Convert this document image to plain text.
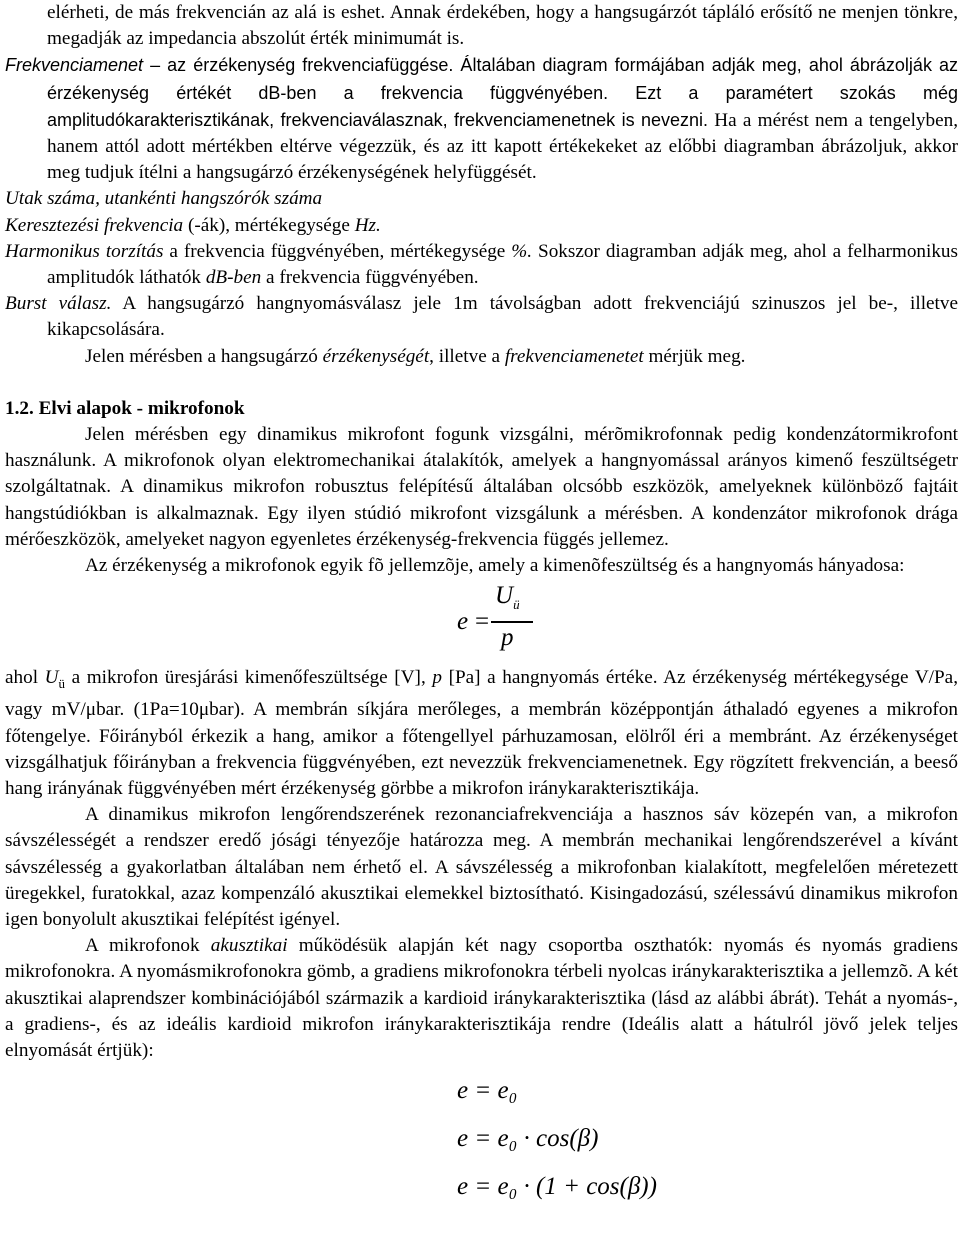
elérheti, de más frekvencián az alá is eshet. Annak érdekében, hogy a hangsugárzót tápláló erősítő ne menjen tönkre, megadják az impedancia abszolút érték minimumát is.

Frekvenciamenet – az érzékenység frekvenciafüggése. Általában diagram formájában adják meg, ahol ábrázolják az érzékenység értékét dB-ben a frekvencia függvényében. Ezt a paramétert szokás még amplitudókarakterisztikának, frekvenciaválasznak, frekvenciamenetnek is nevezni. Ha a mérést nem a tengelyben, hanem attól adott mértékben eltérve végezzük, és az itt kapott értékekeket az előbbi diagramban ábrázoljuk, akkor meg tudjuk ítélni a hangsugárzó érzékenységének helyfüggését.

Utak száma, utankénti hangszórók száma

Keresztezési frekvencia (-ák), mértékegysége Hz.

Harmonikus torzítás a frekvencia függvényében, mértékegysége %. Sokszor diagramban adják meg, ahol a felharmonikus amplitudók láthatók dB-ben a frekvencia függvényében.

Burst válasz. A hangsugárzó hangnyomásválasz jele 1m távolságban adott frekvenciájú szinuszos jel be-, illetve kikapcsolására.

Jelen mérésben a hangsugárzó érzékenységét, illetve a frekvenciamenetet mérjük meg.

1.2. Elvi alapok - mikrofonok

Jelen mérésben egy dinamikus mikrofont fogunk vizsgálni, mérõmikrofonnak pedig kondenzátormikrofont használunk. A mikrofonok olyan elektromechanikai átalakítók, amelyek a hangnyomással arányos kimenő feszültségetr szolgáltatnak. A dinamikus mikrofon robusztus felépítésű általában olcsóbb eszközök, amelyeknek különböző fajtáit hangstúdiókban is alkalmaznak. Egy ilyen stúdió mikrofont vizsgálunk a mérésben. A kondenzátor mikrofonok drága mérőeszközök, amelyeket nagyon egyenletes érzékenység-frekvencia függés jellemez.

Az érzékenység a mikrofonok egyik fõ jellemzõje, amely a kimenõfeszültség és a hangnyomás hányadosa:

e =
$U_ü$
p

ahol $U_ü$ a mikrofon üresjárási kimenőfeszültsége [V], p [Pa] a hangnyomás értéke. Az érzékenység mértékegysége V/Pa, vagy mV/μbar. (1Pa=10μbar). A membrán síkjára merőleges, a membrán középpontján áthaladó egyenes a mikrofon főtengelye. Főirányból érkezik a hang, amikor a főtengellyel párhuzamosan, elölről éri a membránt. Az érzékenységet vizsgálhatjuk főirányban a frekvencia függvényében, ezt nevezzük frekvenciamenetnek. Egy rögzített frekvencián, a beeső hang irányának függvényében mért érzékenység görbbe a mikrofon iránykarakterisztikája.

A dinamikus mikrofon lengőrendszerének rezonanciafrekvenciája a hasznos sáv közepén van, a mikrofon sávszélességét a rendszer eredő jósági tényezője határozza meg. A membrán mechanikai lengőrendszerével a kívánt sávszélesség a gyakorlatban általában nem érhető el. A sávszélesség a mikrofonban kialakított, megfelelően méretezett üregekkel, furatokkal, azaz kompenzáló akusztikai elemekkel biztosítható. Kisingadozású, szélessávú dinamikus mikrofon igen bonyolult akusztikai felépítést igényel.

A mikrofonok akusztikai működésük alapján két nagy csoportba oszthatók: nyomás és nyomás gradiens mikrofonokra. A nyomásmikrofonokra gömb, a gradiens mikrofonokra térbeli nyolcas iránykarakterisztika a jellemzõ. A két akusztikai alaprendszer kombinációjából származik a kardioid iránykarakterisztika (lásd az alábbi ábrát). Tehát a nyomás-, a gradiens-, és az ideális kardioid mikrofon iránykarakterisztikája rendre (Ideális alatt a hátulról jövő jelek teljes elnyomását értjük):

e = e₀
e = e₀ · cos(β)
e = e₀ · (1 + cos(β))
